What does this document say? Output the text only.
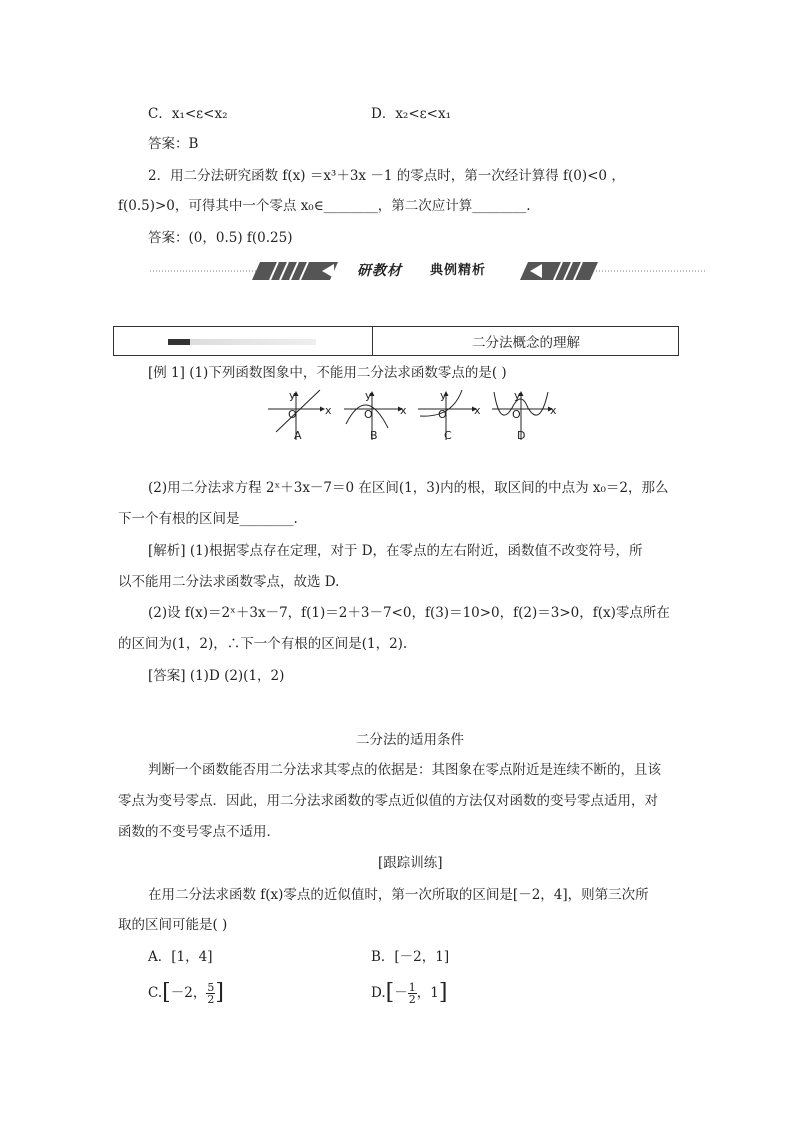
C．x₁<ε<x₂	D．x₂<ε<x₁
答案：B
2．用二分法研究函数 f(x) ＝x³＋3x －1 的零点时，第一次经计算得 f(0)<0 ，
f(0.5)>0，可得其中一个零点 x₀∈________，第二次应计算________.
答案：(0，0.5) f(0.25)
研教材 典例精析
二分法概念的理解
[例 1] (1)下列函数图象中，不能用二分法求函数零点的是( )
y
x
O
y
x
O
y
x
O
y
x
O
A	B	C	D
(2)用二分法求方程 2ˣ＋3x－7＝0 在区间(1，3)内的根，取区间的中点为 x₀＝2，那么
下一个有根的区间是________.
[解析] (1)根据零点存在定理，对于 D，在零点的左右附近，函数值不改变符号，所
以不能用二分法求函数零点，故选 D.
(2)设 f(x)＝2ˣ＋3x－7，f(1)＝2＋3－7<0，f(3)＝10>0，f(2)＝3>0，f(x)零点所在
的区间为(1，2)，∴下一个有根的区间是(1，2).
[答案] (1)D (2)(1，2)
二分法的适用条件
判断一个函数能否用二分法求其零点的依据是：其图象在零点附近是连续不断的，且该
零点为变号零点．因此，用二分法求函数的零点近似值的方法仅对函数的变号零点适用，对
函数的不变号零点不适用．
[跟踪训练]
在用二分法求函数 f(x)零点的近似值时，第一次所取的区间是[－2，4]，则第三次所
取的区间可能是( )
A．[1，4]	B．[－2，1]
C. [ －2， $\frac{5}{2}$ ]	D. [ － $\frac{1}{2}$ ，1 ]
